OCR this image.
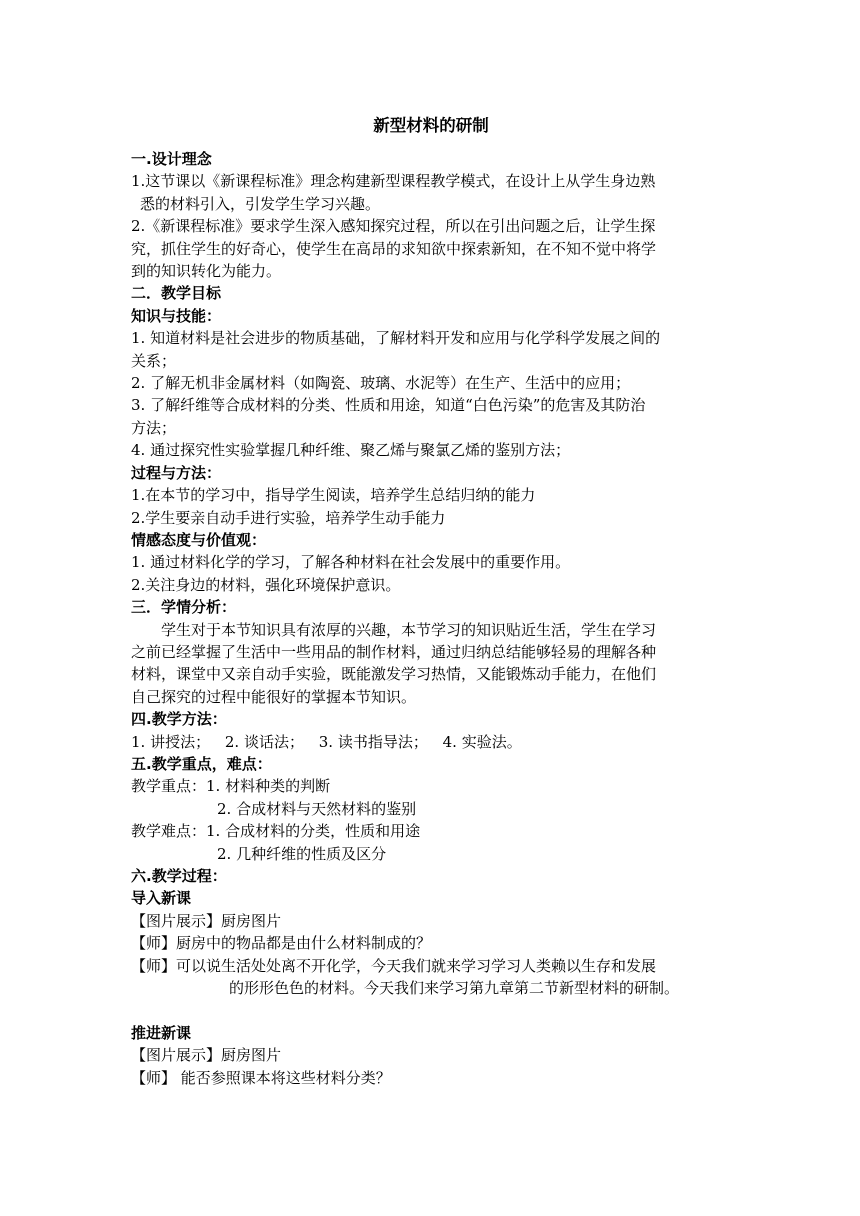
新型材料的研制
一.设计理念
1.这节课以《新课程标准》理念构建新型课程教学模式，在设计上从学生身边熟
悉的材料引入，引发学生学习兴趣。
2.《新课程标准》要求学生深入感知探究过程，所以在引出问题之后，让学生探
究，抓住学生的好奇心，使学生在高昂的求知欲中探索新知，在不知不觉中将学
到的知识转化为能力。
二．教学目标
知识与技能：
1. 知道材料是社会进步的物质基础，了解材料开发和应用与化学科学发展之间的
关系；
2. 了解无机非金属材料（如陶瓷、玻璃、水泥等）在生产、生活中的应用；
3. 了解纤维等合成材料的分类、性质和用途，知道“白色污染”的危害及其防治
方法；
4. 通过探究性实验掌握几种纤维、聚乙烯与聚氯乙烯的鉴别方法；
过程与方法：
1.在本节的学习中，指导学生阅读，培养学生总结归纳的能力
2.学生要亲自动手进行实验，培养学生动手能力
情感态度与价值观：
1. 通过材料化学的学习，了解各种材料在社会发展中的重要作用。
2.关注身边的材料，强化环境保护意识。
三．学情分析：
学生对于本节知识具有浓厚的兴趣，本节学习的知识贴近生活，学生在学习
之前已经掌握了生活中一些用品的制作材料，通过归纳总结能够轻易的理解各种
材料，课堂中又亲自动手实验，既能激发学习热情，又能锻炼动手能力，在他们
自己探究的过程中能很好的掌握本节知识。
四.教学方法：
1. 讲授法； 2. 谈话法； 3. 读书指导法； 4. 实验法。
五.教学重点，难点：
教学重点：1. 材料种类的判断
2. 合成材料与天然材料的鉴别
教学难点：1. 合成材料的分类，性质和用途
2. 几种纤维的性质及区分
六.教学过程：
导入新课
【图片展示】厨房图片
【师】厨房中的物品都是由什么材料制成的？
【师】可以说生活处处离不开化学，今天我们就来学习学习人类赖以生存和发展
的形形色色的材料。今天我们来学习第九章第二节新型材料的研制。
推进新课
【图片展示】厨房图片
【师】 能否参照课本将这些材料分类？
